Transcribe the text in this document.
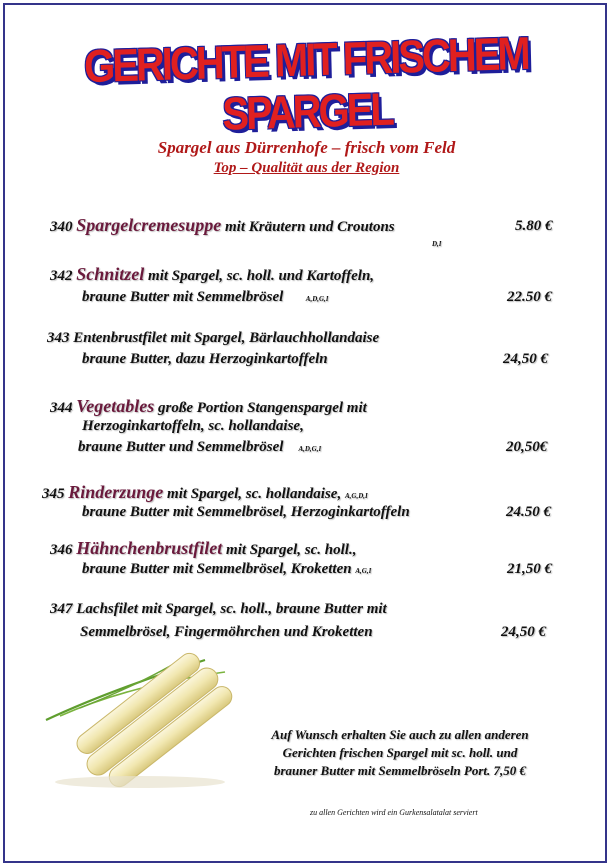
GERICHTE MIT FRISCHEM SPARGEL
Spargel aus Dürrenhofe – frisch vom Feld
Top – Qualität aus der Region
340 Spargelcremesuppe mit Kräutern und Croutons
D,I
5.80 €
342 Schnitzel mit Spargel, sc. holl. und Kartoffeln,
braune Butter mit Semmelbrösel	A,D,G,I	22.50 €
343 Entenbrustfilet mit Spargel, Bärlauchhollandaise
braune Butter, dazu Herzoginkartoffeln	24,50 €
344 Vegetables große Portion Stangenspargel mit
Herzoginkartoffeln, sc. hollandaise,
braune Butter und Semmelbrösel A,D,G,I	20,50€
345 Rinderzunge mit Spargel, sc. hollandaise, A,G,D,I
braune Butter mit Semmelbrösel, Herzoginkartoffeln	24.50 €
346 Hähnchenbrustfilet mit Spargel, sc. holl.,
braune Butter mit Semmelbrösel, Kroketten A,G,I	21,50 €
347 Lachsfilet mit Spargel, sc. holl., braune Butter mit
Semmelbrösel, Fingermöhrchen und Kroketten	24,50 €
Auf Wunsch erhalten Sie auch zu allen anderen
Gerichten frischen Spargel mit sc. holl. und
brauner Butter mit Semmelbröseln Port. 7,50 €
zu allen Gerichten wird ein Gurkensalatalat serviert
